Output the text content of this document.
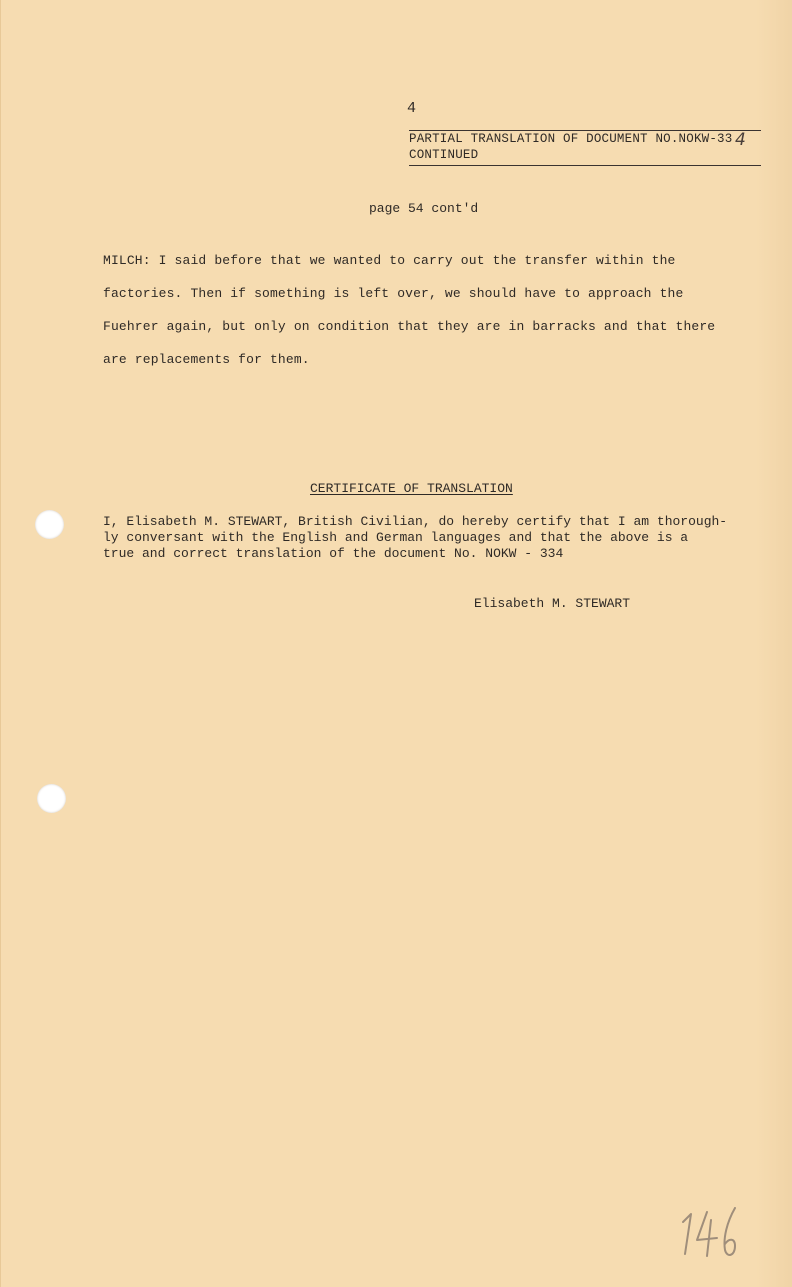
4
PARTIAL TRANSLATION OF DOCUMENT NO.NOKW-33 4
CONTINUED
page 54 cont'd

MILCH: I said before that we wanted to carry out the transfer within the

factories. Then if something is left over, we should have to approach the

Fuehrer again, but only on condition that they are in barracks and that there

are replacements for them.

CERTIFICATE OF TRANSLATION

I, Elisabeth M. STEWART, British Civilian, do hereby certify that I am thorough-

ly conversant with the English and German languages and that the above is a

true and correct translation of the document No. NOKW - 334

Elisabeth M. STEWART
